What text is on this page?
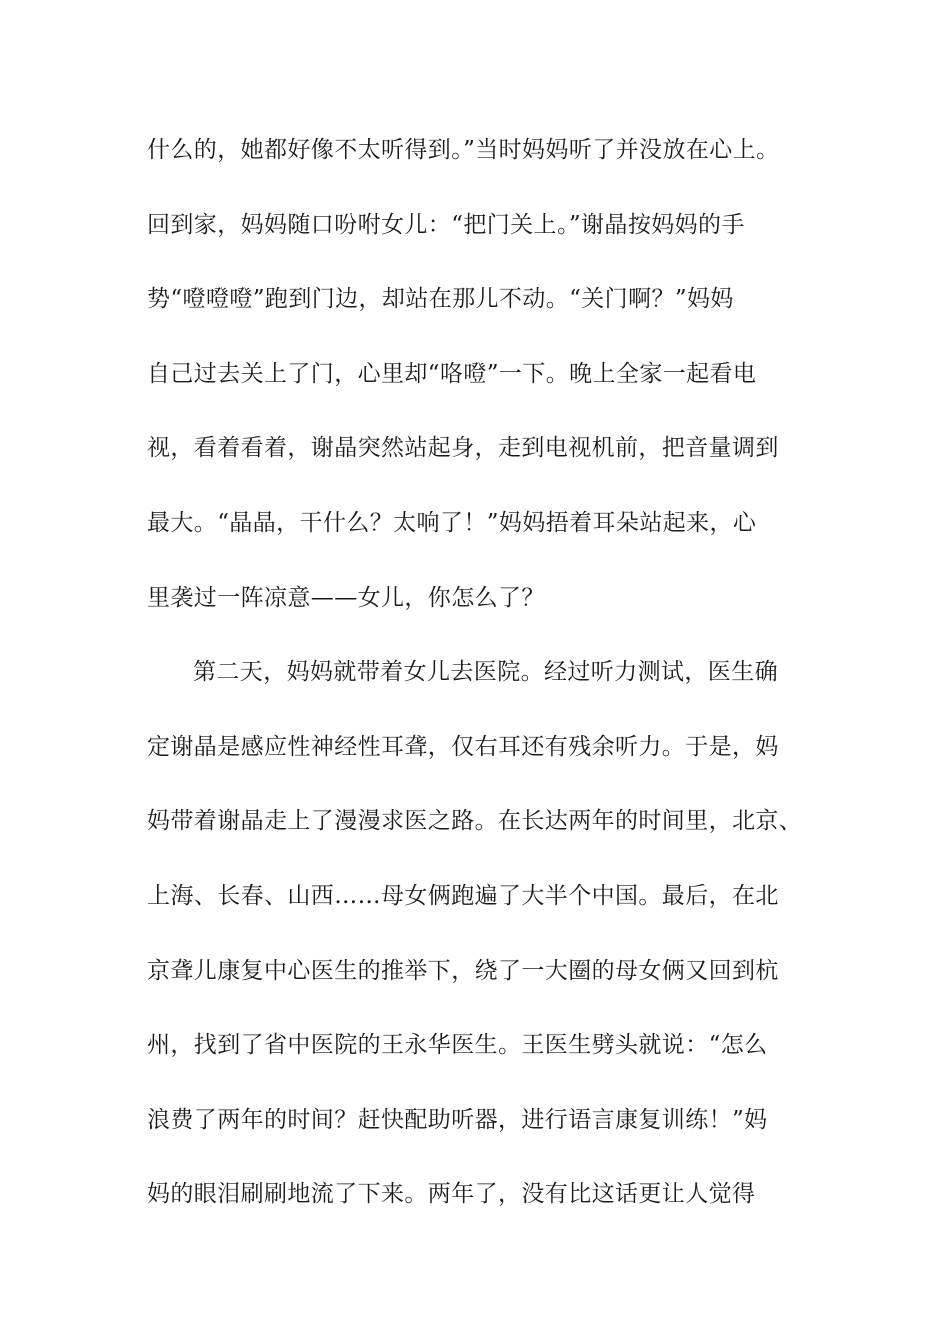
什么的，她都好像不太听得到。”当时妈妈听了并没放在心上。
回到家，妈妈随口吩咐女儿：“把门关上。”谢晶按妈妈的手
势“噔噔噔”跑到门边，却站在那儿不动。“关门啊？”妈妈
自己过去关上了门，心里却“咯噔”一下。晚上全家一起看电
视，看着看着，谢晶突然站起身，走到电视机前，把音量调到
最大。“晶晶，干什么？太响了！”妈妈捂着耳朵站起来，心
里袭过一阵凉意——女儿，你怎么了？
第二天，妈妈就带着女儿去医院。经过听力测试，医生确
定谢晶是感应性神经性耳聋，仅右耳还有残余听力。于是，妈
妈带着谢晶走上了漫漫求医之路。在长达两年的时间里，北京、
上海、长春、山西……母女俩跑遍了大半个中国。最后，在北
京聋儿康复中心医生的推举下，绕了一大圈的母女俩又回到杭
州，找到了省中医院的王永华医生。王医生劈头就说：“怎么
浪费了两年的时间？赶快配助听器，进行语言康复训练！”妈
妈的眼泪刷刷地流了下来。两年了，没有比这话更让人觉得
